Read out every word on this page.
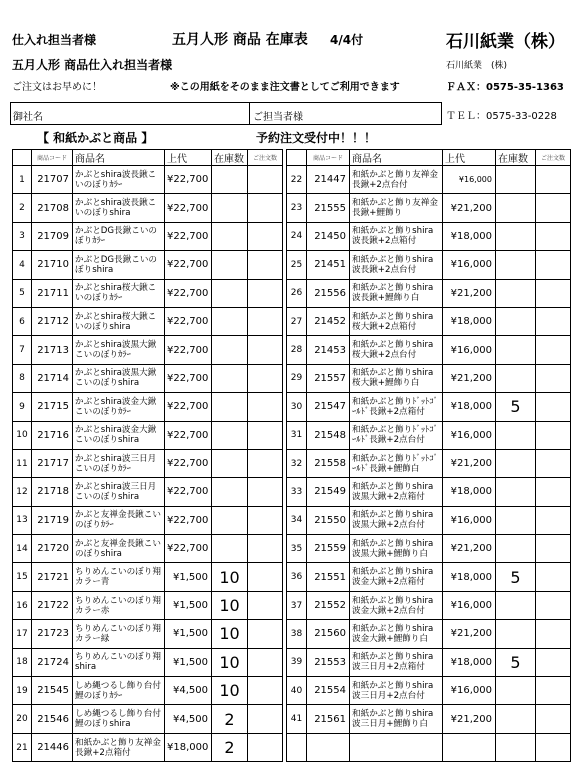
仕入れ担当者様	五月人形 商品 在庫表 4/4付	石川紙業（株）
五月人形 商品仕入れ担当者様	石川紙業　(株)
ご注文はお早めに！	※この用紙をそのまま注文書としてご利用できます	ＦＡＸ：0575-35-1363
御社名	ご担当者様	ＴＥＬ：0575-33-0228
【 和紙かぶと商品 】	予約注文受付中！！！
	商品コード	商品名	上代	在庫数	ご注文数
1	21707	かぶとshira波長鍬こいのぼりｶﾗｰ	¥22,700		
2	21708	かぶとshira波長鍬こいのぼりshira	¥22,700		
3	21709	かぶとDG長鍬こいのぼりｶﾗｰ	¥22,700		
4	21710	かぶとDG長鍬こいのぼりshira	¥22,700		
5	21711	かぶとshira桜大鍬こいのぼりｶﾗｰ	¥22,700		
6	21712	かぶとshira桜大鍬こいのぼりshira	¥22,700		
7	21713	かぶとshira波黒大鍬こいのぼりｶﾗｰ	¥22,700		
8	21714	かぶとshira波黒大鍬こいのぼりshira	¥22,700		
9	21715	かぶとshira波金大鍬こいのぼりｶﾗｰ	¥22,700		
10	21716	かぶとshira波金大鍬こいのぼりshira	¥22,700		
11	21717	かぶとshira波三日月こいのぼりｶﾗｰ	¥22,700		
12	21718	かぶとshira波三日月こいのぼりshira	¥22,700		
13	21719	かぶと友禅金長鍬こいのぼりｶﾗｰ	¥22,700		
14	21720	かぶと友禅金長鍬こいのぼりshira	¥22,700		
15	21721	ちりめんこいのぼり翔カラー青	¥1,500	10	
16	21722	ちりめんこいのぼり翔カラー赤	¥1,500	10	
17	21723	ちりめんこいのぼり翔カラー緑	¥1,500	10	
18	21724	ちりめんこいのぼり翔shira	¥1,500	10	
19	21545	しめ縄つるし飾り台付鯉のぼりｶﾗｰ	¥4,500	10	
20	21546	しめ縄つるし飾り台付鯉のぼりshira	¥4,500	2	
21	21446	和紙かぶと飾り友禅金長鍬+2点箱付	¥18,000	2	
	商品コード	商品名	上代	在庫数	ご注文数
22	21447	和紙かぶと飾り友禅金長鍬+2点台付	¥16,000		
23	21555	和紙かぶと飾り友禅金長鍬+鯉飾り	¥21,200		
24	21450	和紙かぶと飾りshira波長鍬+2点箱付	¥18,000		
25	21451	和紙かぶと飾りshira波長鍬+2点台付	¥16,000		
26	21556	和紙かぶと飾りshira波長鍬+鯉飾り白	¥21,200		
27	21452	和紙かぶと飾りshira桜大鍬+2点箱付	¥18,000		
28	21453	和紙かぶと飾りshira桜大鍬+2点台付	¥16,000		
29	21557	和紙かぶと飾りshira桜大鍬+鯉飾り白	¥21,200		
30	21547	和紙かぶと飾りﾄﾞｯﾄｺﾞｰﾙﾄﾞ長鍬+2点箱付	¥18,000	5	
31	21548	和紙かぶと飾りﾄﾞｯﾄｺﾞｰﾙﾄﾞ長鍬+2点台付	¥16,000		
32	21558	和紙かぶと飾りﾄﾞｯﾄｺﾞｰﾙﾄﾞ長鍬+鯉飾白	¥21,200		
33	21549	和紙かぶと飾りshira波黒大鍬+2点箱付	¥18,000		
34	21550	和紙かぶと飾りshira波黒大鍬+2点台付	¥16,000		
35	21559	和紙かぶと飾りshira波黒大鍬+鯉飾り白	¥21,200		
36	21551	和紙かぶと飾りshira波金大鍬+2点箱付	¥18,000	5	
37	21552	和紙かぶと飾りshira波金大鍬+2点台付	¥16,000		
38	21560	和紙かぶと飾りshira波金大鍬+鯉飾り白	¥21,200		
39	21553	和紙かぶと飾りshira波三日月+2点箱付	¥18,000	5	
40	21554	和紙かぶと飾りshira波三日月+2点台付	¥16,000		
41	21561	和紙かぶと飾りshira波三日月+鯉飾り白	¥21,200		
